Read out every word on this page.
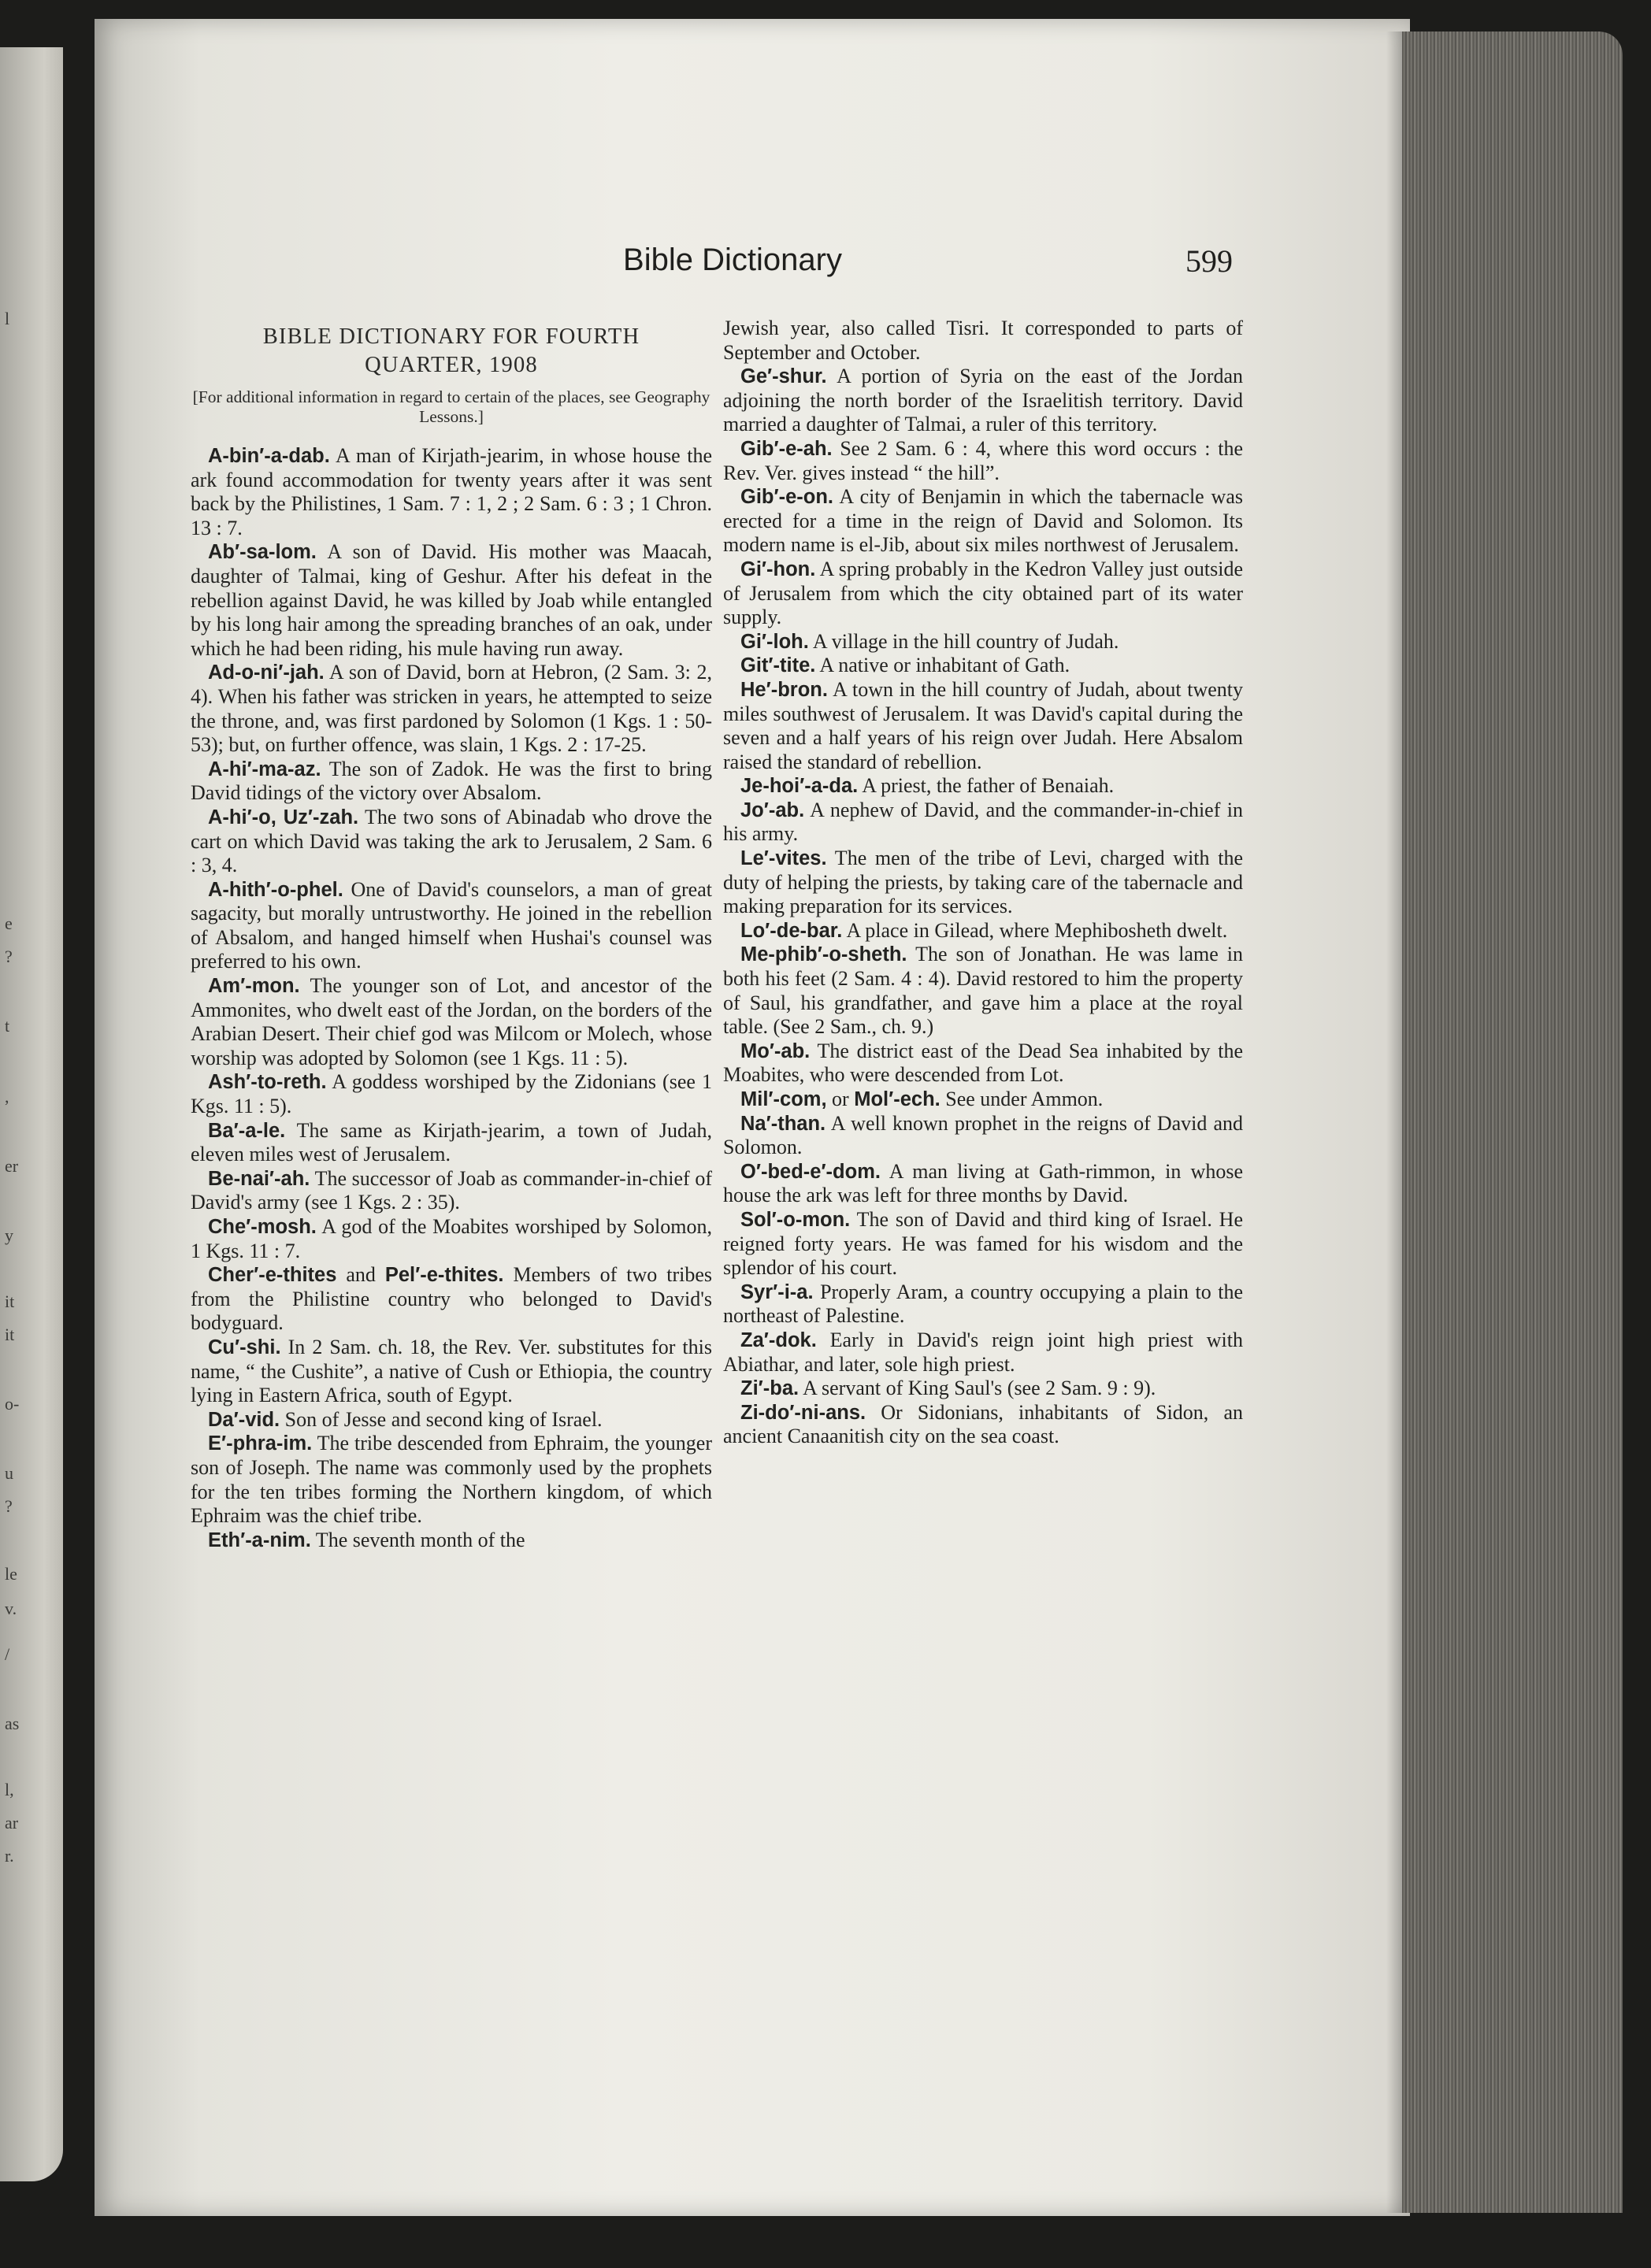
l
e
?
t
,
er
y
it
it
o-
u
?
le
v.
/
as
l,
ar
r.
Bible Dictionary	599
BIBLE DICTIONARY FOR FOURTH
QUARTER, 1908
[For additional information in regard to certain of the places, see Geography Lessons.]

A-bin′-a-dab. A man of Kirjath-jearim, in whose house the ark found accommodation for twenty years after it was sent back by the Philistines, 1 Sam. 7 : 1, 2 ; 2 Sam. 6 : 3 ; 1 Chron. 13 : 7.

Ab′-sa-lom. A son of David. His mother was Maacah, daughter of Talmai, king of Geshur. After his defeat in the rebellion against David, he was killed by Joab while entangled by his long hair among the spreading branches of an oak, under which he had been riding, his mule having run away.

Ad-o-ni′-jah. A son of David, born at Hebron, (2 Sam. 3: 2, 4). When his father was stricken in years, he attempted to seize the throne, and, was first pardoned by Solomon (1 Kgs. 1 : 50-53); but, on further offence, was slain, 1 Kgs. 2 : 17-25.

A-hi′-ma-az. The son of Zadok. He was the first to bring David tidings of the victory over Absalom.

A-hi′-o, Uz′-zah. The two sons of Abinadab who drove the cart on which David was taking the ark to Jerusalem, 2 Sam. 6 : 3, 4.

A-hith′-o-phel. One of David's counselors, a man of great sagacity, but morally untrustworthy. He joined in the rebellion of Absalom, and hanged himself when Hushai's counsel was preferred to his own.

Am′-mon. The younger son of Lot, and ancestor of the Ammonites, who dwelt east of the Jordan, on the borders of the Arabian Desert. Their chief god was Milcom or Molech, whose worship was adopted by Solomon (see 1 Kgs. 11 : 5).

Ash′-to-reth. A goddess worshiped by the Zidonians (see 1 Kgs. 11 : 5).

Ba′-a-le. The same as Kirjath-jearim, a town of Judah, eleven miles west of Jerusalem.

Be-nai′-ah. The successor of Joab as commander-in-chief of David's army (see 1 Kgs. 2 : 35).

Che′-mosh. A god of the Moabites worshiped by Solomon, 1 Kgs. 11 : 7.

Cher′-e-thites and Pel′-e-thites. Members of two tribes from the Philistine country who belonged to David's bodyguard.

Cu′-shi. In 2 Sam. ch. 18, the Rev. Ver. substitutes for this name, “ the Cushite”, a native of Cush or Ethiopia, the country lying in Eastern Africa, south of Egypt.

Da′-vid. Son of Jesse and second king of Israel.

E′-phra-im. The tribe descended from Ephraim, the younger son of Joseph. The name was commonly used by the prophets for the ten tribes forming the Northern kingdom, of which Ephraim was the chief tribe.

Eth′-a-nim. The seventh month of the

Jewish year, also called Tisri. It corresponded to parts of September and October.

Ge′-shur. A portion of Syria on the east of the Jordan adjoining the north border of the Israelitish territory. David married a daughter of Talmai, a ruler of this territory.

Gib′-e-ah. See 2 Sam. 6 : 4, where this word occurs : the Rev. Ver. gives instead “ the hill”.

Gib′-e-on. A city of Benjamin in which the tabernacle was erected for a time in the reign of David and Solomon. Its modern name is el-Jib, about six miles northwest of Jerusalem.

Gi′-hon. A spring probably in the Kedron Valley just outside of Jerusalem from which the city obtained part of its water supply.

Gi′-loh. A village in the hill country of Judah.

Git′-tite. A native or inhabitant of Gath.

He′-bron. A town in the hill country of Judah, about twenty miles southwest of Jerusalem. It was David's capital during the seven and a half years of his reign over Judah. Here Absalom raised the standard of rebellion.

Je-hoi′-a-da. A priest, the father of Benaiah.

Jo′-ab. A nephew of David, and the commander-in-chief in his army.

Le′-vites. The men of the tribe of Levi, charged with the duty of helping the priests, by taking care of the tabernacle and making preparation for its services.

Lo′-de-bar. A place in Gilead, where Mephibosheth dwelt.

Me-phib′-o-sheth. The son of Jonathan. He was lame in both his feet (2 Sam. 4 : 4). David restored to him the property of Saul, his grandfather, and gave him a place at the royal table. (See 2 Sam., ch. 9.)

Mo′-ab. The district east of the Dead Sea inhabited by the Moabites, who were descended from Lot.

Mil′-com, or Mol′-ech. See under Ammon.

Na′-than. A well known prophet in the reigns of David and Solomon.

O′-bed-e′-dom. A man living at Gath-rimmon, in whose house the ark was left for three months by David.

Sol′-o-mon. The son of David and third king of Israel. He reigned forty years. He was famed for his wisdom and the splendor of his court.

Syr′-i-a. Properly Aram, a country occupying a plain to the northeast of Palestine.

Za′-dok. Early in David's reign joint high priest with Abiathar, and later, sole high priest.

Zi′-ba. A servant of King Saul's (see 2 Sam. 9 : 9).

Zi-do′-ni-ans. Or Sidonians, inhabitants of Sidon, an ancient Canaanitish city on the sea coast.
